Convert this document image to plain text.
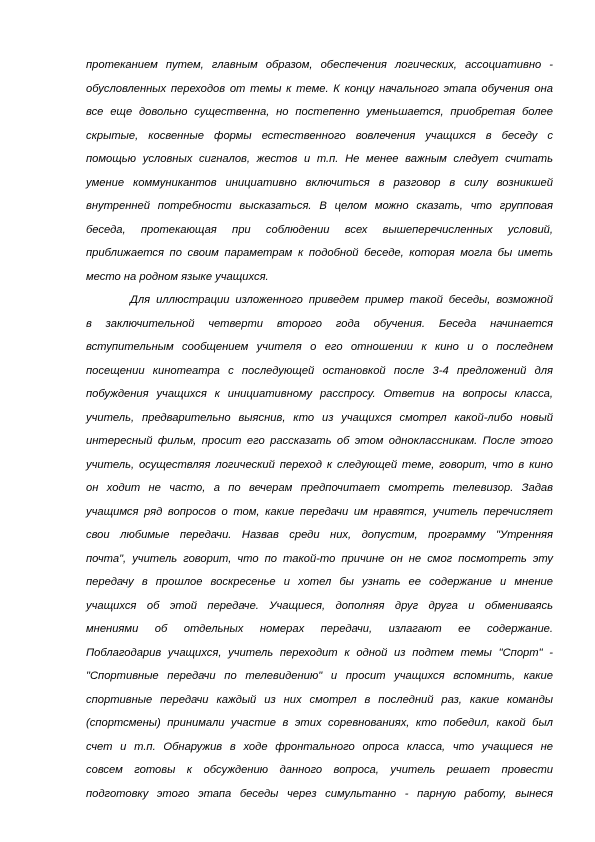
протеканием путем, главным образом, обеспечения логических, ассоциативно -
обусловленных переходов от темы к теме. К концу начального этапа обучения она
все еще довольно существенна, но постепенно уменьшается, приобретая более
скрытые, косвенные формы естественного вовлечения учащихся в беседу с
помощью условных сигналов, жестов и т.п. Не менее важным следует считать
умение коммуникантов инициативно включиться в разговор в силу возникшей
внутренней потребности высказаться. В целом можно сказать, что групповая
беседа, протекающая при соблюдении всех вышеперечисленных условий,
приближается по своим параметрам к подобной беседе, которая могла бы иметь
место на родном языке учащихся.
Для иллюстрации изложенного приведем пример такой беседы, возможной
в заключительной четверти второго года обучения. Беседа начинается
вступительным сообщением учителя о его отношении к кино и о последнем
посещении кинотеатра с последующей остановкой после 3-4 предложений для
побуждения учащихся к инициативному расспросу. Ответив на вопросы класса,
учитель, предварительно выяснив, кто из учащихся смотрел какой-либо новый
интересный фильм, просит его рассказать об этом одноклассникам. После этого
учитель, осуществляя логический переход к следующей теме, говорит, что в кино
он ходит не часто, а по вечерам предпочитает смотреть телевизор. Задав
учащимся ряд вопросов о том, какие передачи им нравятся, учитель перечисляет
свои любимые передачи. Назвав среди них, допустим, программу "Утренняя
почта", учитель говорит, что по такой-то причине он не смог посмотреть эту
передачу в прошлое воскресенье и хотел бы узнать ее содержание и мнение
учащихся об этой передаче. Учащиеся, дополняя друг друга и обмениваясь
мнениями об отдельных номерах передачи, излагают ее содержание.
Поблагодарив учащихся, учитель переходит к одной из подтем темы "Спорт" -
"Спортивные передачи по телевидению" и просит учащихся вспомнить, какие
спортивные передачи каждый из них смотрел в последний раз, какие команды
(спортсмены) принимали участие в этих соревнованиях, кто победил, какой был
счет и т.п. Обнаружив в ходе фронтального опроса класса, что учащиеся не
совсем готовы к обсуждению данного вопроса, учитель решает провести
подготовку этого этапа беседы через симультанно - парную работу, вынеся
